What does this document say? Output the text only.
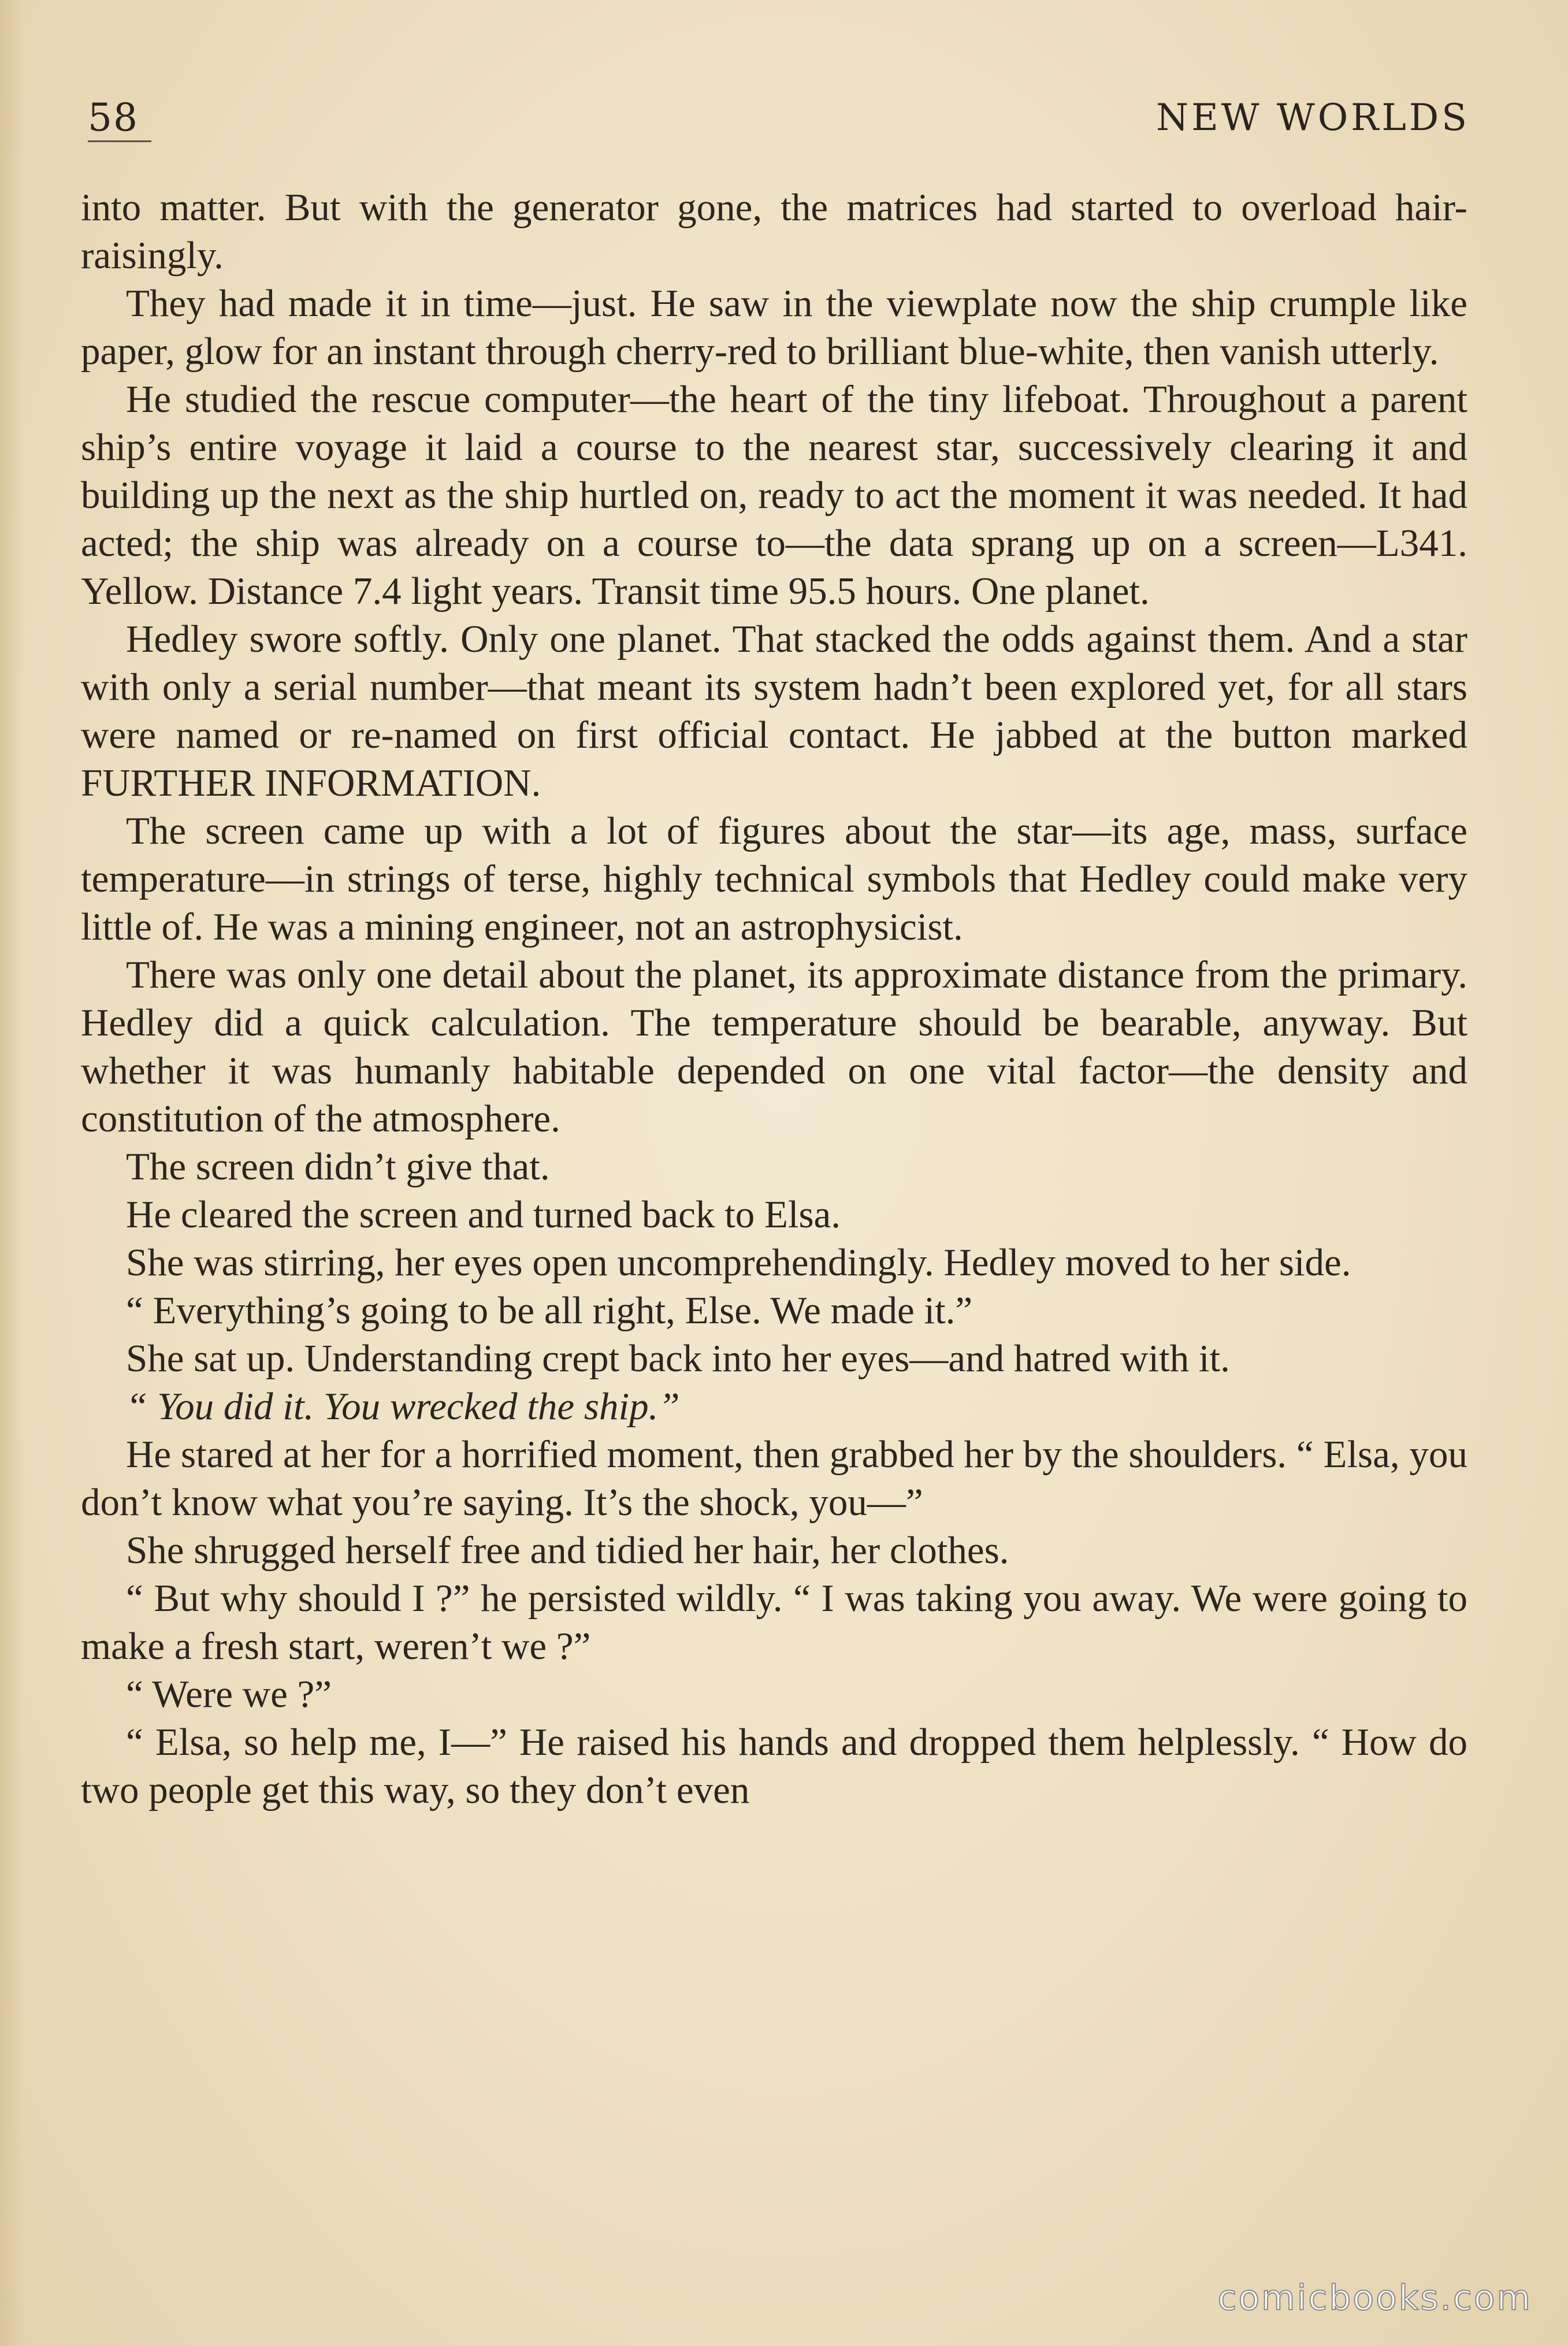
58	NEW WORLDS

into matter. But with the generator gone, the matrices had started to overload hair-raisingly.

They had made it in time—just. He saw in the viewplate now the ship crumple like paper, glow for an instant through cherry-red to brilliant blue-white, then vanish utterly.

He studied the rescue computer—the heart of the tiny lifeboat. Throughout a parent ship’s entire voyage it laid a course to the nearest star, successively clearing it and building up the next as the ship hurtled on, ready to act the moment it was needed. It had acted; the ship was already on a course to—the data sprang up on a screen—L341. Yellow. Distance 7.4 light years. Transit time 95.5 hours. One planet.

Hedley swore softly. Only one planet. That stacked the odds against them. And a star with only a serial number—that meant its system hadn’t been explored yet, for all stars were named or re-named on first official contact. He jabbed at the button marked FURTHER INFORMATION.

The screen came up with a lot of figures about the star—its age, mass, surface temperature—in strings of terse, highly technical symbols that Hedley could make very little of. He was a mining engineer, not an astrophysicist.

There was only one detail about the planet, its approximate distance from the primary. Hedley did a quick calculation. The temperature should be bearable, anyway. But whether it was humanly habitable depended on one vital factor—the density and constitution of the atmosphere.

The screen didn’t give that.

He cleared the screen and turned back to Elsa.

She was stirring, her eyes open uncomprehendingly. Hedley moved to her side.

“ Everything’s going to be all right, Else. We made it.”

She sat up. Understanding crept back into her eyes—and hatred with it.

“ You did it. You wrecked the ship.”

He stared at her for a horrified moment, then grabbed her by the shoulders. “ Elsa, you don’t know what you’re saying. It’s the shock, you—”

She shrugged herself free and tidied her hair, her clothes.

“ But why should I ?” he persisted wildly. “ I was taking you away. We were going to make a fresh start, weren’t we ?”

“ Were we ?”

“ Elsa, so help me, I—” He raised his hands and dropped them helplessly. “ How do two people get this way, so they don’t even

comicbooks.com
